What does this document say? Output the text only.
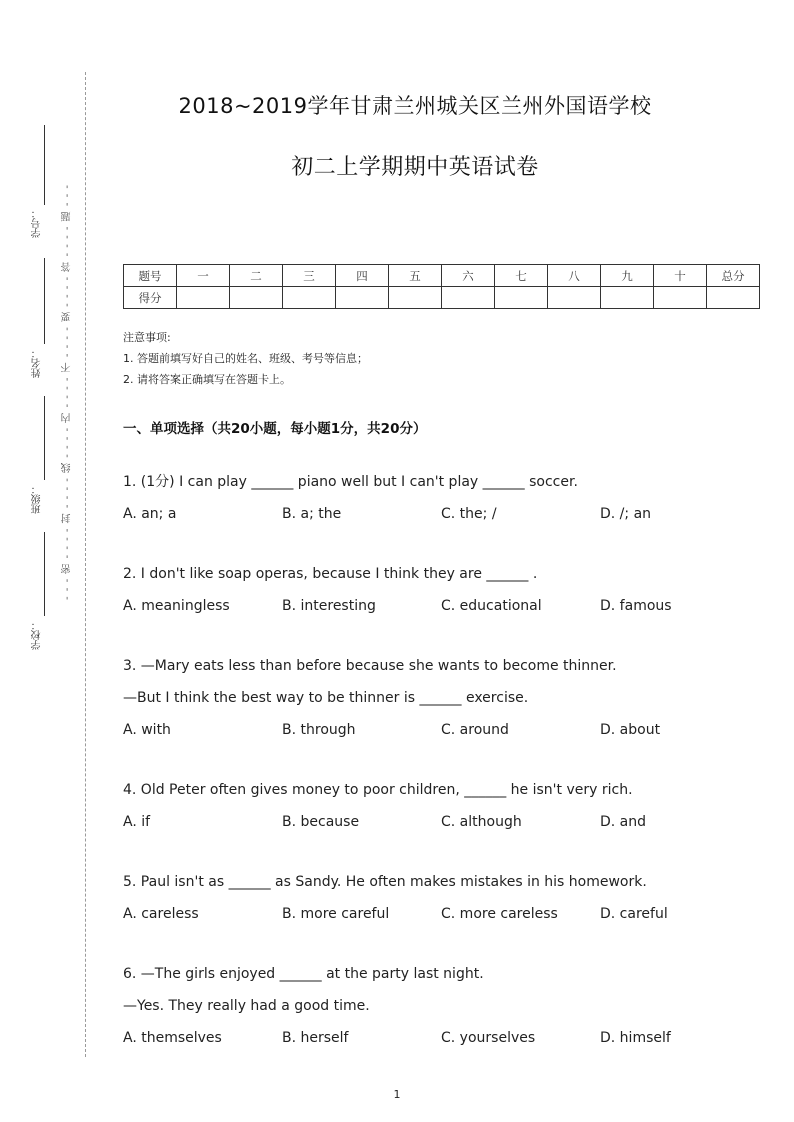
学号：
姓名：
班级：
学校：
- - - 密 - - - - 封 - - - - 线 - - - - 内 - - - - 不 - - - - 要 - - - - 答 - - - - 题 - - -
2018~2019学年甘肃兰州城关区兰州外国语学校
初二上学期期中英语试卷
题号	一	二	三	四	五	六	七	八	九	十	总分
得分											
注意事项:
1. 答题前填写好自己的姓名、班级、考号等信息；
2. 请将答案正确填写在答题卡上。
一、单项选择（共20小题，每小题1分，共20分）
1. (1分) I can play ______ piano well but I can't play ______ soccer.
A. an; a	B. a; the	C. the; /	D. /; an
2. I don't like soap operas, because I think they are ______ .
A. meaningless	B. interesting	C. educational	D. famous
3. —Mary eats less than before because she wants to become thinner.
—But I think the best way to be thinner is ______ exercise.
A. with	B. through	C. around	D. about
4. Old Peter often gives money to poor children, ______ he isn't very rich.
A. if	B. because	C. although	D. and
5. Paul isn't as ______ as Sandy. He often makes mistakes in his homework.
A. careless	B. more careful	C. more careless	D. careful
6. —The girls enjoyed ______ at the party last night.
—Yes. They really had a good time.
A. themselves	B. herself	C. yourselves	D. himself
1
